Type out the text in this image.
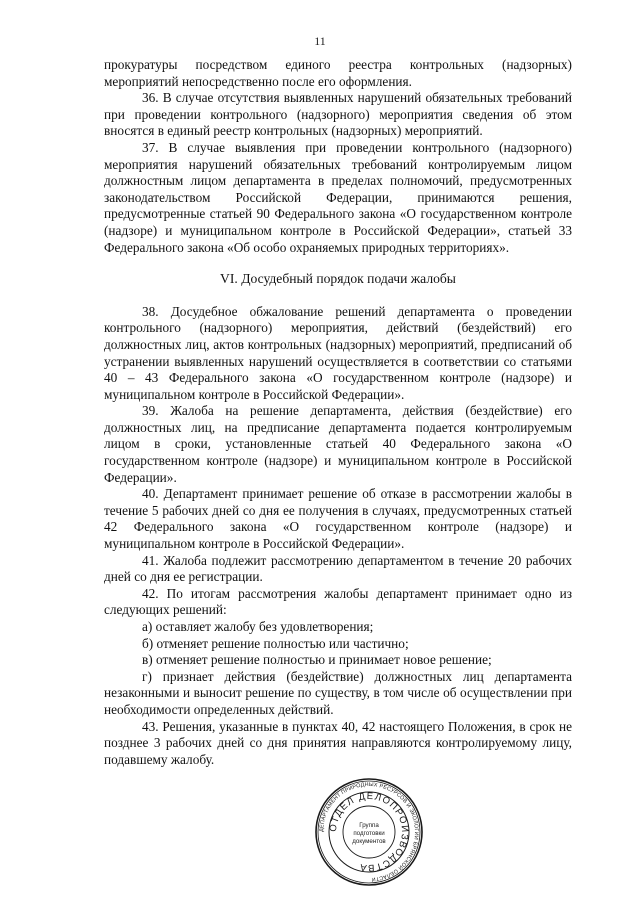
11

прокуратуры посредством единого реестра контрольных (надзорных) мероприятий непосредственно после его оформления.

36. В случае отсутствия выявленных нарушений обязательных требований при проведении контрольного (надзорного) мероприятия сведения об этом вносятся в единый реестр контрольных (надзорных) мероприятий.

37. В случае выявления при проведении контрольного (надзорного) мероприятия нарушений обязательных требований контролируемым лицом должностным лицом департамента в пределах полномочий, предусмотренных законодательством Российской Федерации, принимаются решения, предусмотренные статьей 90 Федерального закона «О государственном контроле (надзоре) и муниципальном контроле в Российской Федерации», статьей 33 Федерального закона «Об особо охраняемых природных территориях».

VI. Досудебный порядок подачи жалобы

38. Досудебное обжалование решений департамента о проведении контрольного (надзорного) мероприятия, действий (бездействий) его должностных лиц, актов контрольных (надзорных) мероприятий, предписаний об устранении выявленных нарушений осуществляется в соответствии со статьями 40 – 43 Федерального закона «О государственном контроле (надзоре) и муниципальном контроле в Российской Федерации».

39. Жалоба на решение департамента, действия (бездействие) его должностных лиц, на предписание департамента подается контролируемым лицом в сроки, установленные статьей 40 Федерального закона «О государственном контроле (надзоре) и муниципальном контроле в Российской Федерации».

40. Департамент принимает решение об отказе в рассмотрении жалобы в течение 5 рабочих дней со дня ее получения в случаях, предусмотренных статьей 42 Федерального закона «О государственном контроле (надзоре) и муниципальном контроле в Российской Федерации».

41. Жалоба подлежит рассмотрению департаментом в течение 20 рабочих дней со дня ее регистрации.

42. По итогам рассмотрения жалобы департамент принимает одно из следующих решений:

а) оставляет жалобу без удовлетворения;

б) отменяет решение полностью или частично;

в) отменяет решение полностью и принимает новое решение;

г) признает действия (бездействие) должностных лиц департамента незаконными и выносит решение по существу, в том числе об осуществлении при необходимости определенных действий.

43. Решения, указанные в пунктах 40, 42 настоящего Положения, в срок не позднее 3 рабочих дней со дня принятия направляются контролируемому лицу, подавшему жалобу.

ДЕПАРТАМЕНТ ПРИРОДНЫХ РЕСУРСОВ И ЭКОЛОГИИ БРЯНСКОЙ ОБЛАСТИ
ОТДЕЛ ДЕЛОПРОИЗВОДСТВА
Группа
подготовки
документов
